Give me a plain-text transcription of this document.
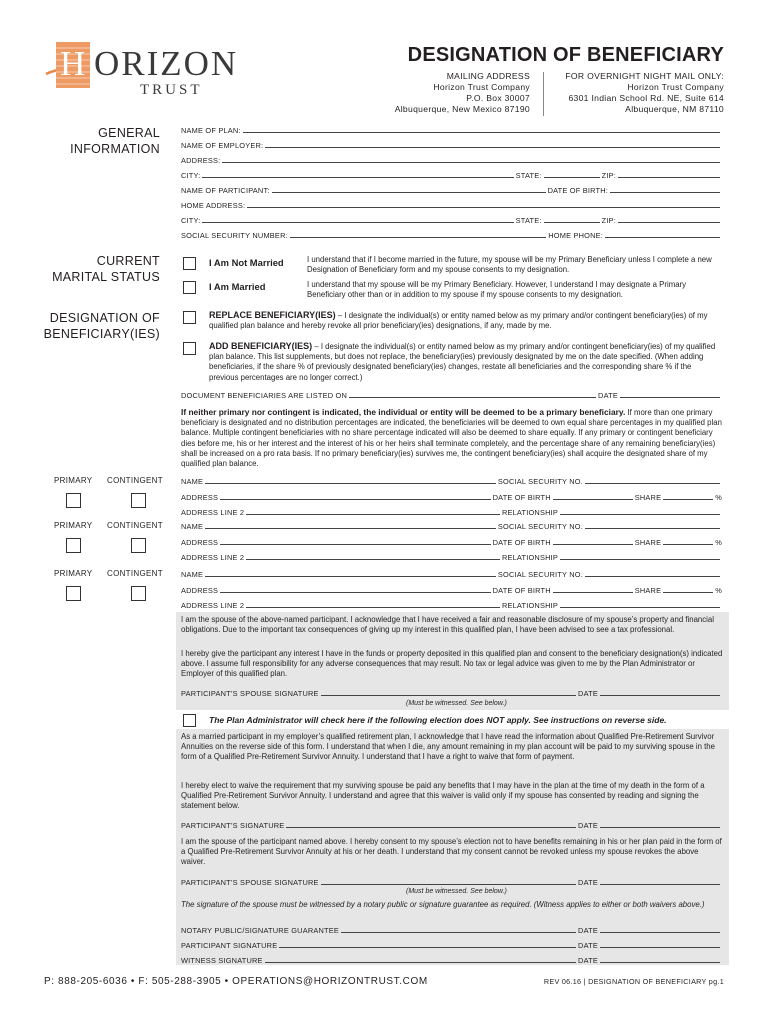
H ORIZON
TRUST
DESIGNATION OF BENEFICIARY
MAILING ADDRESS
Horizon Trust Company
P.O. Box 30007
Albuquerque, New Mexico 87190
FOR OVERNIGHT NIGHT MAIL ONLY:
Horizon Trust Company
6301 Indian School Rd. NE, Suite 614
Albuquerque, NM 87110
GENERAL
INFORMATION
CURRENT
MARITAL STATUS
DESIGNATION OF
BENEFICIARY(IES)
NAME OF PLAN:
NAME OF EMPLOYER:
ADDRESS:
CITY:	STATE:	ZIP:
NAME OF PARTICIPANT:	DATE OF BIRTH:
HOME ADDRESS:
CITY:	STATE:	ZIP:
SOCIAL SECURITY NUMBER:	HOME PHONE:
I Am Not Married	I understand that if I become married in the future, my spouse will be my Primary Beneficiary unless I complete a new Designation of Beneficiary form and my spouse consents to my designation.
I Am Married	I understand that my spouse will be my Primary Beneficiary. However, I understand I may designate a Primary Beneficiary other than or in addition to my spouse if my spouse consents to my designation.
REPLACE BENEFICIARY(IES) – I designate the individual(s) or entity named below as my primary and/or contingent beneficiary(ies) of my qualified plan balance and hereby revoke all prior beneficiary(ies) designations, if any, made by me.
ADD BENEFICIARY(IES) – I designate the individual(s) or entity named below as my primary and/or contingent beneficiary(ies) of my qualified plan balance. This list supplements, but does not replace, the beneficiary(ies) previously designated by me on the date specified. (When adding beneficiaries, if the share % of previously designated beneficiary(ies) changes, restate all beneficiaries and the corresponding share % if the previous percentages are no longer correct.)
DOCUMENT BENEFICIARIES ARE LISTED ON	DATE
If neither primary nor contingent is indicated, the individual or entity will be deemed to be a primary beneficiary. If more than one primary beneficiary is designated and no distribution percentages are indicated, the beneficiaries will be deemed to own equal share percentages in my qualified plan balance. Multiple contingent beneficiaries with no share percentage indicated will also be deemed to share equally. If any primary or contingent beneficiary dies before me, his or her interest and the interest of his or her heirs shall terminate completely, and the percentage share of any remaining beneficiary(ies) shall be increased on a pro rata basis. If no primary beneficiary(ies) survives me, the contingent beneficiary(ies) shall acquire the designated share of my qualified plan balance.
PRIMARY CONTINGENT NAME	SOCIAL SECURITY NO.
ADDRESS	DATE OF BIRTH	SHARE	%
ADDRESS LINE 2	RELATIONSHIP
PRIMARY CONTINGENT NAME	SOCIAL SECURITY NO.
ADDRESS	DATE OF BIRTH	SHARE	%
ADDRESS LINE 2	RELATIONSHIP
PRIMARY CONTINGENT NAME	SOCIAL SECURITY NO.
ADDRESS	DATE OF BIRTH	SHARE	%
ADDRESS LINE 2	RELATIONSHIP
I am the spouse of the above-named participant. I acknowledge that I have received a fair and reasonable disclosure of my spouse’s property and financial obligations. Due to the important tax consequences of giving up my interest in this qualified plan, I have been advised to see a tax professional.
I hereby give the participant any interest I have in the funds or property deposited in this qualified plan and consent to the beneficiary designation(s) indicated above. I assume full responsibility for any adverse consequences that may result. No tax or legal advice was given to me by the Plan Administrator or Employer of this qualified plan.
PARTICIPANT’S SPOUSE SIGNATURE	DATE
(Must be witnessed. See below.)
The Plan Administrator will check here if the following election does NOT apply. See instructions on reverse side.
As a married participant in my employer’s qualified retirement plan, I acknowledge that I have read the information about Qualified Pre-Retirement Survivor Annuities on the reverse side of this form. I understand that when I die, any amount remaining in my plan account will be paid to my surviving spouse in the form of a Qualified Pre-Retirement Survivor Annuity. I understand that I have a right to waive that form of payment.
I hereby elect to waive the requirement that my surviving spouse be paid any benefits that I may have in the plan at the time of my death in the form of a Qualified Pre-Retirement Survivor Annuity. I understand and agree that this waiver is valid only if my spouse has consented by reading and signing the statement below.
PARTICIPANT’S SIGNATURE	DATE
I am the spouse of the participant named above. I hereby consent to my spouse’s election not to have benefits remaining in his or her plan paid in the form of a Qualified Pre-Retirement Survivor Annuity at his or her death. I understand that my consent cannot be revoked unless my spouse revokes the above waiver.
PARTICIPANT’S SPOUSE SIGNATURE	DATE
(Must be witnessed. See below.)
The signature of the spouse must be witnessed by a notary public or signature guarantee as required. (Witness applies to either or both waivers above.)
NOTARY PUBLIC/SIGNATURE GUARANTEE	DATE
PARTICIPANT SIGNATURE	DATE
WITNESS SIGNATURE	DATE
P: 888-205-6036 • F: 505-288-3905 • OPERATIONS@HORIZONTRUST.COM	REV 06.16 | DESIGNATION OF BENEFICIARY pg.1
